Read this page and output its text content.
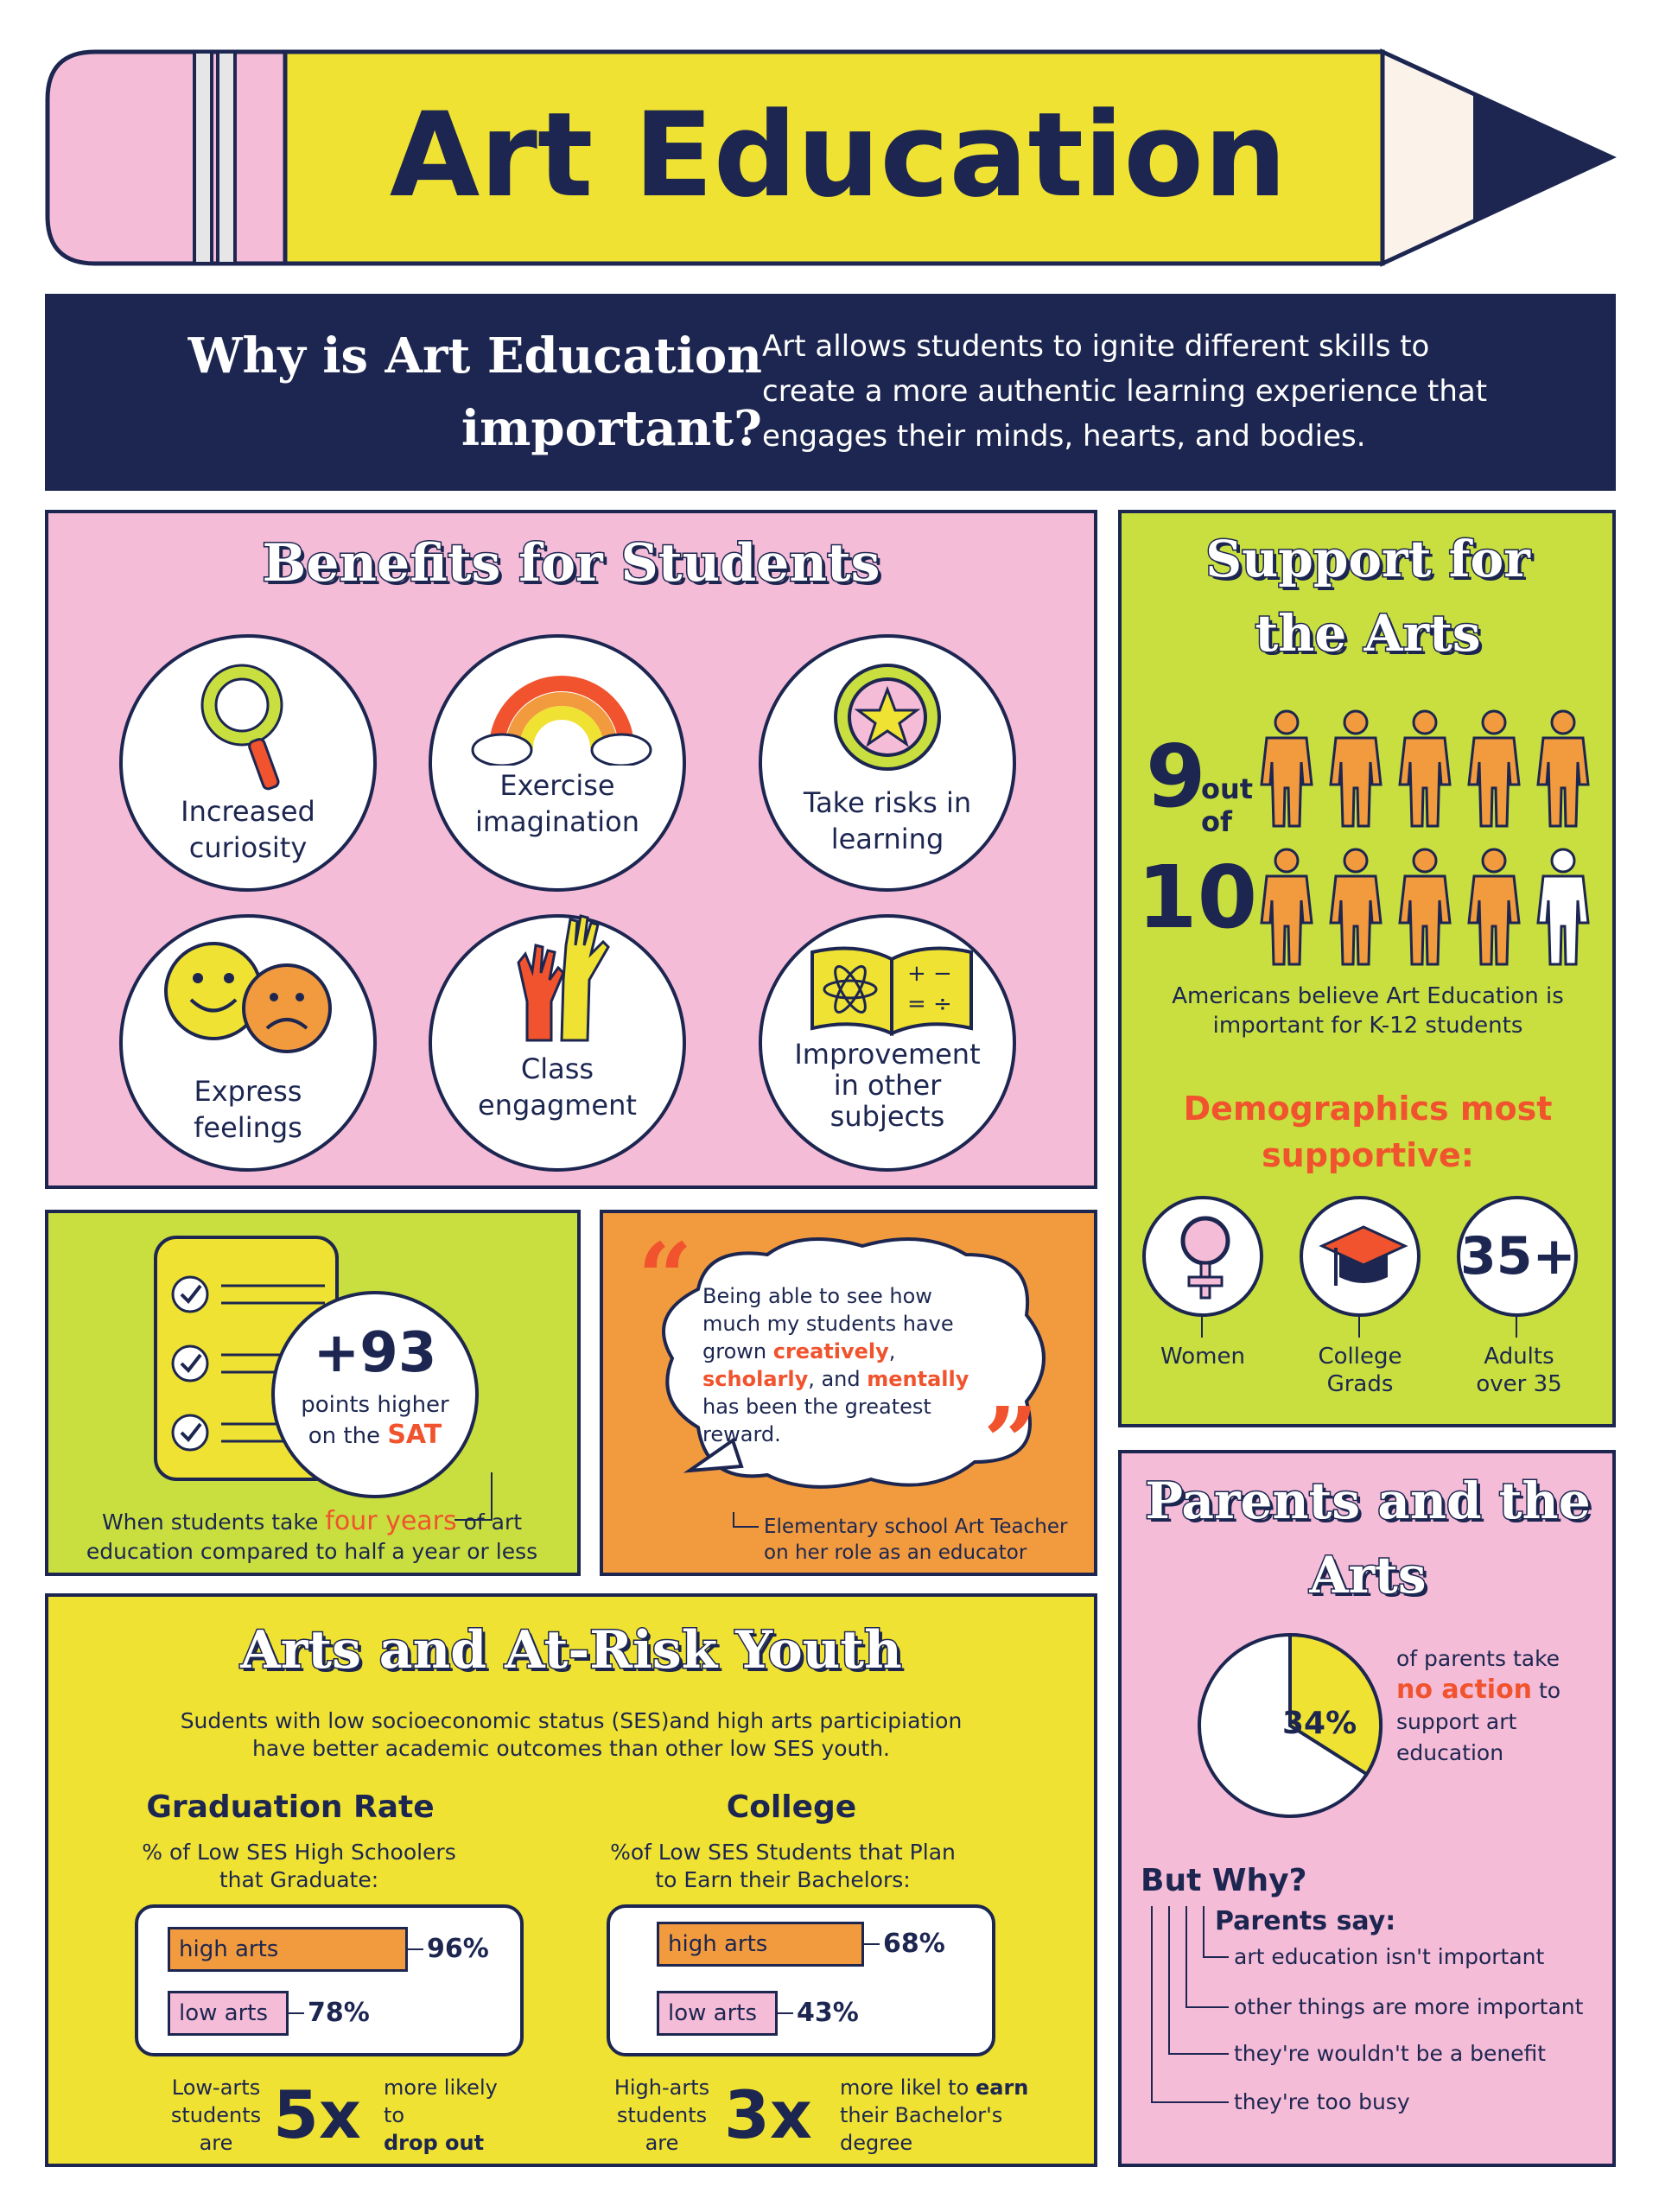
Art Education
Why is Art Education important?
Art allows students to ignite different skills to create a more authentic learning experience that engages their minds, hearts, and bodies.
Benefits for Students
Increased curiosity
Exercise imagination
Take risks in learning
Express feelings
Class engagment
+ −
= ÷
Improvement in other subjects
Support for the Arts
9
out of
10
Americans believe Art Education is important for K-12 students
Demographics most supportive:
35+
Women	College Grads
Adults over 35
+93
points higher
on the SAT
When students take four years of art education compared to half a year or less
“
”
Being able to see how much my students have grown creatively, scholarly, and mentally has been the greatest reward.
Elementary school Art Teacher
on her role as an educator
Arts and At-Risk Youth
Sudents with low socioeconomic status (SES)and high arts participiation have better academic outcomes than other low SES youth.
Graduation Rate
% of Low SES High Schoolers that Graduate:
high arts	96%
low arts	78%
Low-arts students are 5x more likely to
drop out
College
%of Low SES Students that Plan to Earn their Bachelors:
high arts	68%
low arts	43%
High-arts students are 3x more likel to earn their Bachelor's degree
Parents and the Arts
34%
of parents take no action to support art education
But Why?
Parents say:
art education isn't important
other things are more important
they're wouldn't be a benefit
they're too busy
